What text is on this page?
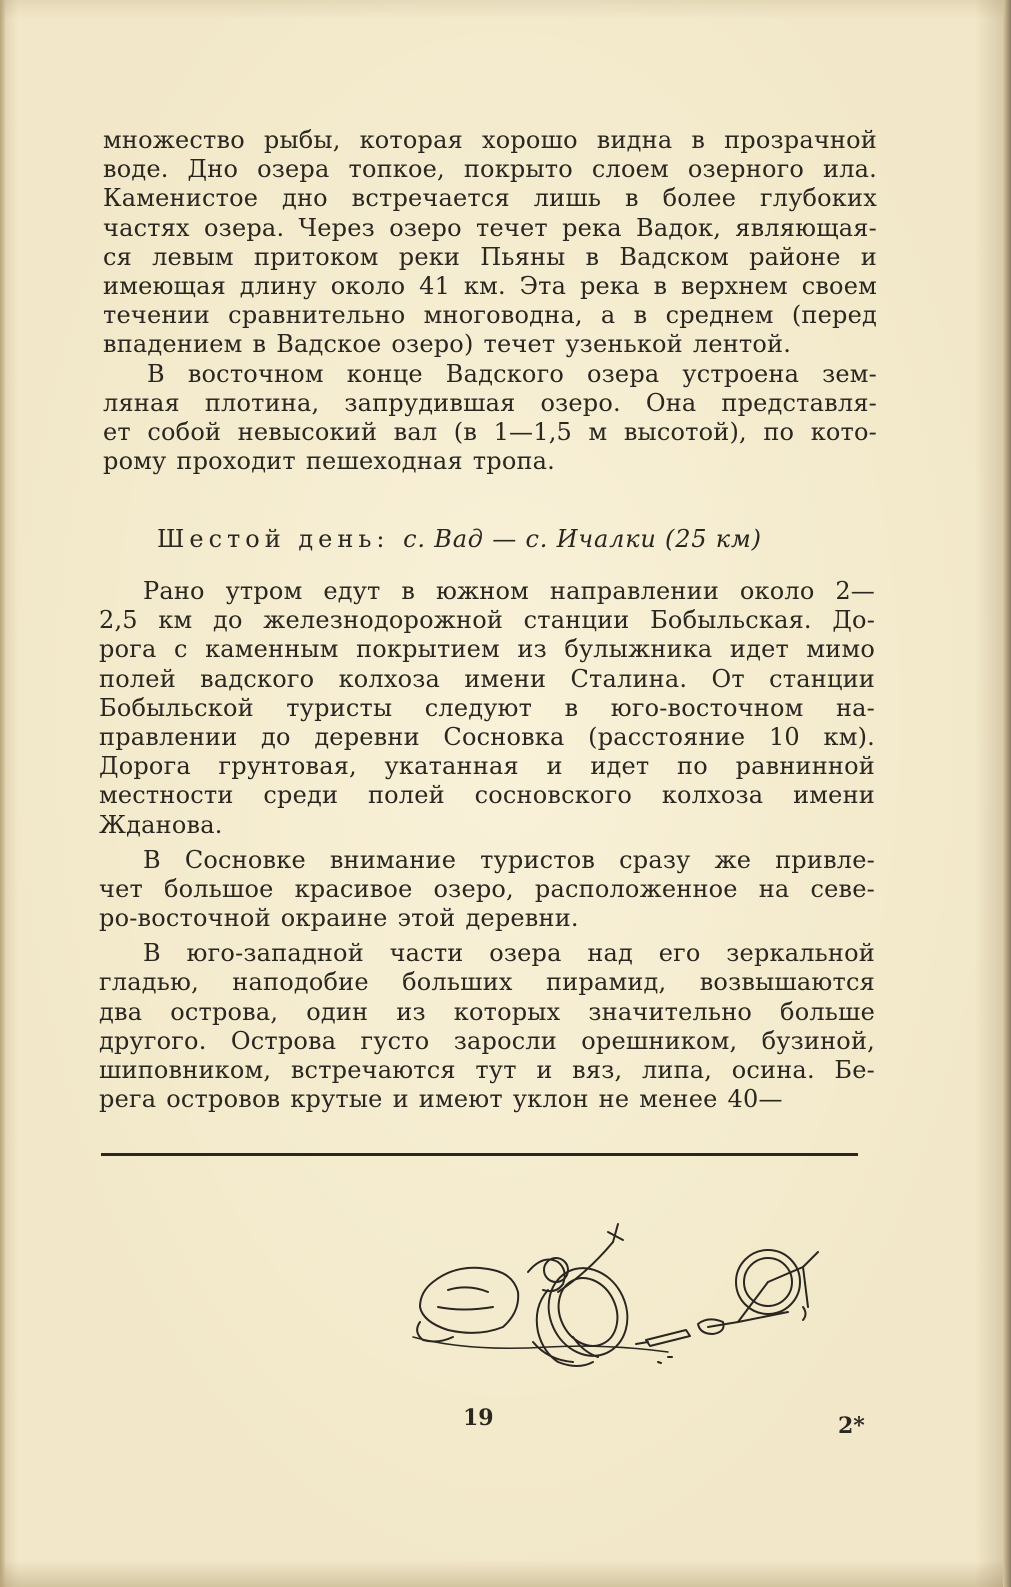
множество рыбы, которая хорошо видна в прозрачной
воде. Дно озера топкое, покрыто слоем озерного ила.
Каменистое дно встречается лишь в более глубоких
частях озера. Через озеро течет река Вадок, являющая-
ся левым притоком реки Пьяны в Вадском районе и
имеющая длину около 41 км. Эта река в верхнем своем
течении сравнительно многоводна, а в среднем (перед
впадением в Вадское озеро) течет узенькой лентой.
В восточном конце Вадского озера устроена зем-
ляная плотина, запрудившая озеро. Она представля-
ет собой невысокий вал (в 1—1,5 м высотой), по кото-
рому проходит пешеходная тропа.
Шестой день: с. Вад — с. Ичалки (25 км)
Рано утром едут в южном направлении около 2—
2,5 км до железнодорожной станции Бобыльская. До-
рога с каменным покрытием из булыжника идет мимо
полей вадского колхоза имени Сталина. От станции
Бобыльской туристы следуют в юго-восточном на-
правлении до деревни Сосновка (расстояние 10 км).
Дорога грунтовая, укатанная и идет по равнинной
местности среди полей сосновского колхоза имени
Жданова.
В Сосновке внимание туристов сразу же привле-
чет большое красивое озеро, расположенное на севе-
ро-восточной окраине этой деревни.
В юго-западной части озера над его зеркальной
гладью, наподобие больших пирамид, возвышаются
два острова, один из которых значительно больше
другого. Острова густо заросли орешником, бузиной,
шиповником, встречаются тут и вяз, липа, осина. Бе-
рега островов крутые и имеют уклон не менее 40—
19	2*
